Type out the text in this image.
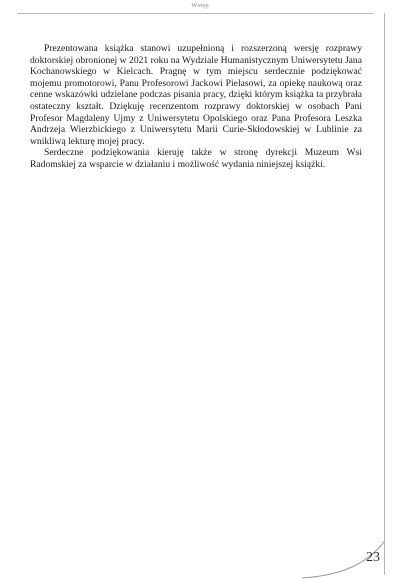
Wstęp

Prezentowana książka stanowi uzupełnioną i rozszerzoną wersję rozprawy doktorskiej obronionej w 2021 roku na Wydziale Humanistycznym Uniwersytetu Jana Kochanowskiego w Kielcach. Pragnę w tym miejscu serdecznie podziękować mojemu promotorowi, Panu Profesorowi Jackowi Pielasowi, za opiekę naukową oraz cenne wskazówki udzielane podczas pisania pracy, dzięki którym książka ta przybrała ostateczny kształt. Dziękuję recenzentom rozprawy doktorskiej w osobach Pani Profesor Magdaleny Ujmy z Uniwersytetu Opolskiego oraz Pana Profesora Leszka Andrzeja Wierzbickiego z Uniwersytetu Marii Curie-Skłodowskiej w Lublinie za wnikliwą lekturę mojej pracy.

Serdeczne podziękowania kieruję także w stronę dyrekcji Muzeum Wsi Radomskiej za wsparcie w działaniu i możliwość wydania niniejszej książki.

23
